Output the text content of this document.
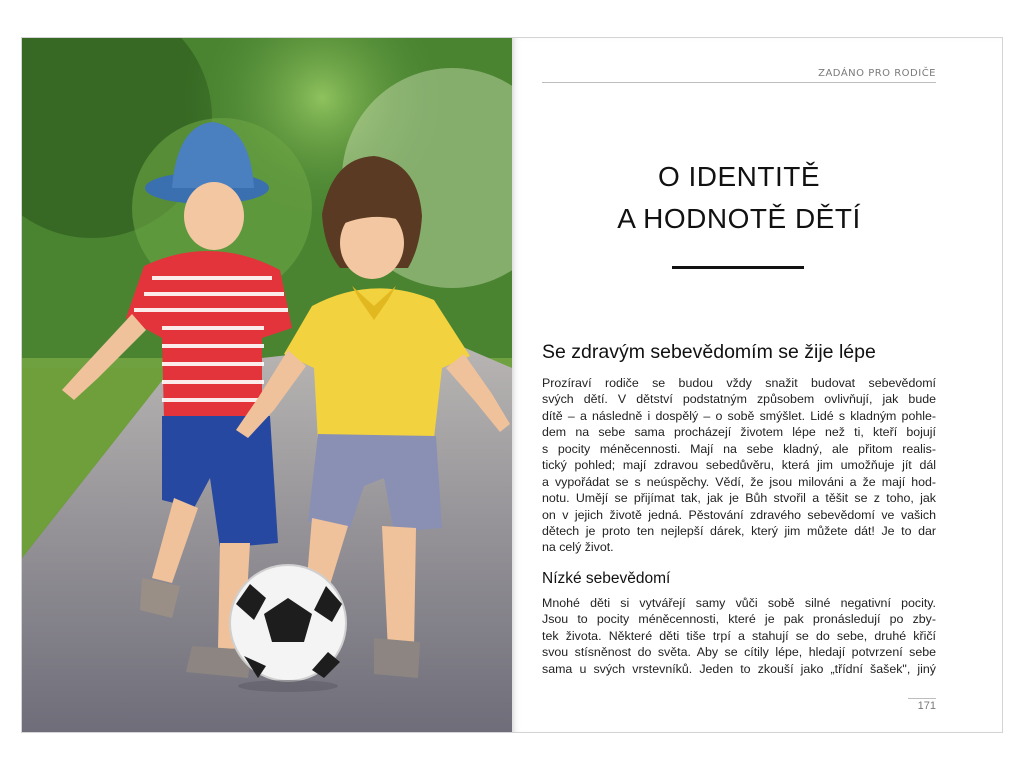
ZADÁNO PRO RODIČE
O IDENTITĚ
A HODNOTĚ DĚTÍ
Se zdravým sebevědomím se žije lépe
Prozíraví rodiče se budou vždy snažit budovat sebevědomí
svých dětí. V dětství podstatným způsobem ovlivňují, jak bude
dítě – a následně i dospělý – o sobě smýšlet. Lidé s kladným pohle-
dem na sebe sama procházejí životem lépe než ti, kteří bojují
s pocity méněcennosti. Mají na sebe kladný, ale přitom realis-
tický pohled; mají zdravou sebedůvěru, která jim umožňuje jít dál
a vypořádat se s neúspěchy. Vědí, že jsou milováni a že mají hod-
notu. Umějí se přijímat tak, jak je Bůh stvořil a těšit se z toho, jak
on v jejich životě jedná. Pěstování zdravého sebevědomí ve vašich
dětech je proto ten nejlepší dárek, který jim můžete dát! Je to dar
na celý život.
Nízké sebevědomí
Mnohé děti si vytvářejí samy vůči sobě silné negativní pocity.
Jsou to pocity méněcennosti, které je pak pronásledují po zby-
tek života. Některé děti tiše trpí a stahují se do sebe, druhé křičí
svou stísněnost do světa. Aby se cítily lépe, hledají potvrzení sebe
sama u svých vrstevníků. Jeden to zkouší jako „třídní šašek", jiný
171
